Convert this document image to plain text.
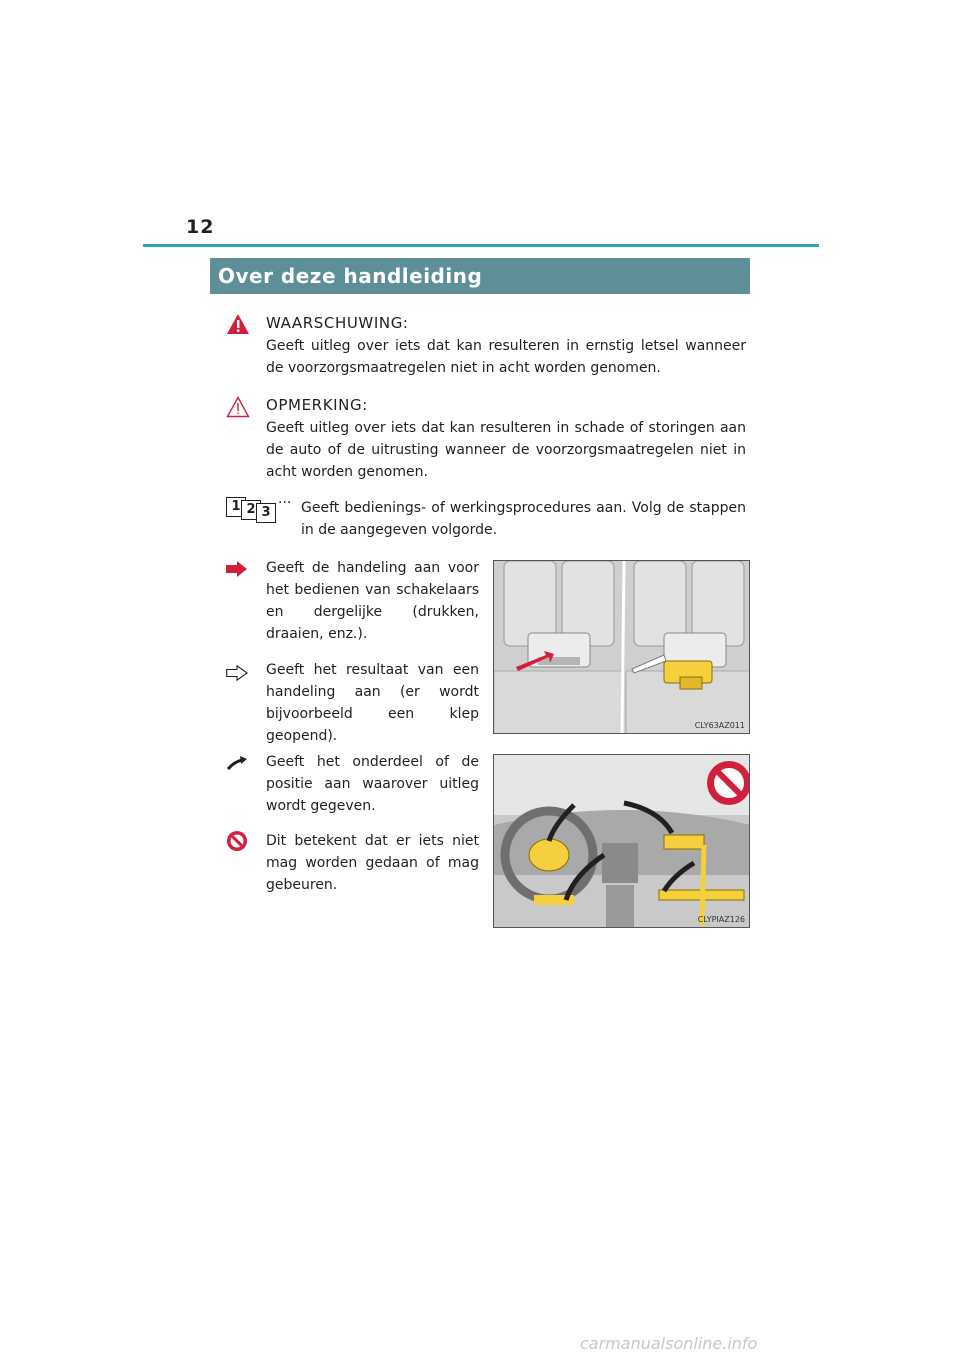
12
Over deze handleiding
WAARSCHUWING:
Geeft uitleg over iets dat kan resulteren in ernstig letsel wanneer de voorzorgsmaatregelen niet in acht worden genomen.
OPMERKING:
Geeft uitleg over iets dat kan resulteren in schade of storingen aan de auto of de uitrusting wanneer de voorzorgsmaatregelen niet in acht worden genomen.
1 2 3
··· Geeft bedienings- of werkingsprocedures aan. Volg de stappen in de aangegeven volgorde.
Geeft de handeling aan voor het bedienen van schakelaars en dergelijke (drukken, draaien, enz.).
Geeft het resultaat van een handeling aan (er wordt bijvoorbeeld een klep geopend).
Geeft het onderdeel of de positie aan waarover uitleg wordt gegeven.
Dit betekent dat er iets niet mag worden gedaan of mag gebeuren.
CLY63AZ011
CLYPIAZ126
carmanualsonline.info
